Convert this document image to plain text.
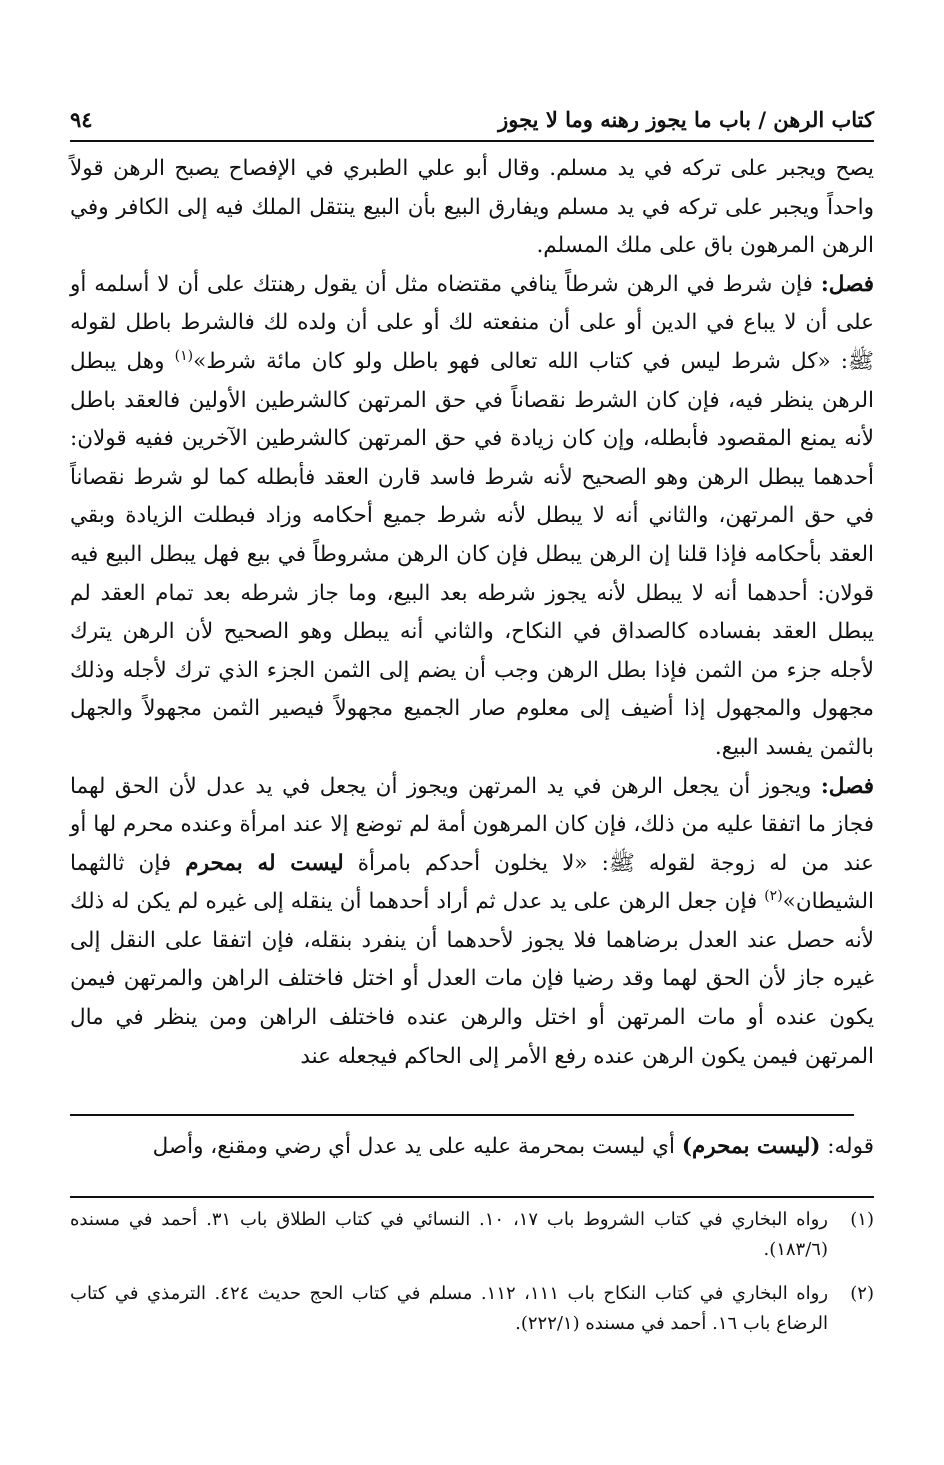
كتاب الرهن / باب ما يجوز رهنه وما لا يجوز
٩٤

يصح ويجبر على تركه في يد مسلم. وقال أبو علي الطبري في الإفصاح يصبح الرهن قولاً واحداً ويجبر على تركه في يد مسلم ويفارق البيع بأن البيع ينتقل الملك فيه إلى الكافر وفي الرهن المرهون باق على ملك المسلم.

فصل: فإن شرط في الرهن شرطاً ينافي مقتضاه مثل أن يقول رهنتك على أن لا أسلمه أو على أن لا يباع في الدين أو على أن منفعته لك أو على أن ولده لك فالشرط باطل لقوله ﷺ: «كل شرط ليس في كتاب الله تعالى فهو باطل ولو كان مائة شرط»$^{(١)}$ وهل يبطل الرهن ينظر فيه، فإن كان الشرط نقصاناً في حق المرتهن كالشرطين الأولين فالعقد باطل لأنه يمنع المقصود فأبطله، وإن كان زيادة في حق المرتهن كالشرطين الآخرين ففيه قولان: أحدهما يبطل الرهن وهو الصحيح لأنه شرط فاسد قارن العقد فأبطله كما لو شرط نقصاناً في حق المرتهن، والثاني أنه لا يبطل لأنه شرط جميع أحكامه وزاد فبطلت الزيادة وبقي العقد بأحكامه فإذا قلنا إن الرهن يبطل فإن كان الرهن مشروطاً في بيع فهل يبطل البيع فيه قولان: أحدهما أنه لا يبطل لأنه يجوز شرطه بعد البيع، وما جاز شرطه بعد تمام العقد لم يبطل العقد بفساده كالصداق في النكاح، والثاني أنه يبطل وهو الصحيح لأن الرهن يترك لأجله جزء من الثمن فإذا بطل الرهن وجب أن يضم إلى الثمن الجزء الذي ترك لأجله وذلك مجهول والمجهول إذا أضيف إلى معلوم صار الجميع مجهولاً فيصير الثمن مجهولاً والجهل بالثمن يفسد البيع.

فصل: ويجوز أن يجعل الرهن في يد المرتهن ويجوز أن يجعل في يد عدل لأن الحق لهما فجاز ما اتفقا عليه من ذلك، فإن كان المرهون أمة لم توضع إلا عند امرأة وعنده محرم لها أو عند من له زوجة لقوله ﷺ: «لا يخلون أحدكم بامرأة ليست له بمحرم فإن ثالثهما الشيطان»$^{(٢)}$ فإن جعل الرهن على يد عدل ثم أراد أحدهما أن ينقله إلى غيره لم يكن له ذلك لأنه حصل عند العدل برضاهما فلا يجوز لأحدهما أن ينفرد بنقله، فإن اتفقا على النقل إلى غيره جاز لأن الحق لهما وقد رضيا فإن مات العدل أو اختل فاختلف الراهن والمرتهن فيمن يكون عنده أو مات المرتهن أو اختل والرهن عنده فاختلف الراهن ومن ينظر في مال المرتهن فيمن يكون الرهن عنده رفع الأمر إلى الحاكم فيجعله عند

قوله: (ليست بمحرم) أي ليست بمحرمة عليه على يد عدل أي رضي ومقنع، وأصل
(١)
رواه البخاري في كتاب الشروط باب ١٧، ١٠. النسائي في كتاب الطلاق باب ٣١. أحمد في مسنده (١٨٣/٦).
(٢)
رواه البخاري في كتاب النكاح باب ١١١، ١١٢. مسلم في كتاب الحج حديث ٤٢٤. الترمذي في كتاب الرضاع باب ١٦. أحمد في مسنده (٢٢٢/١).
